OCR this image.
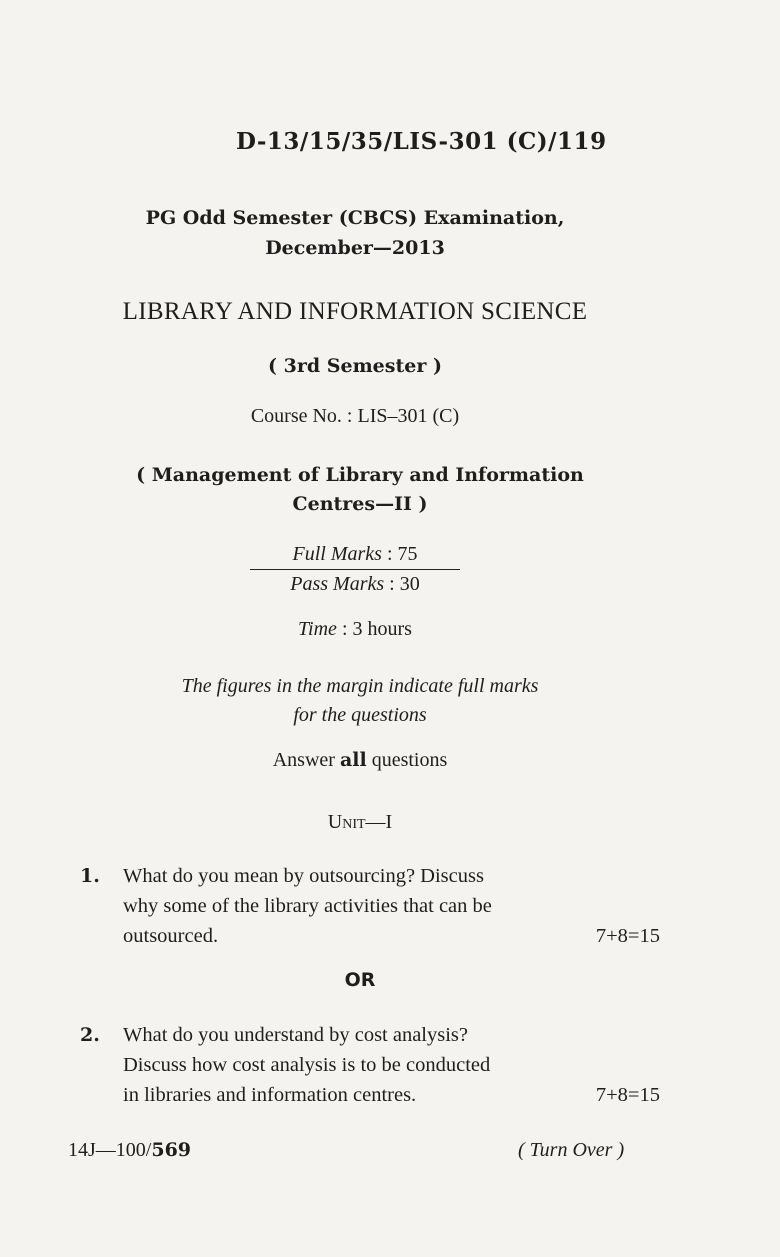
D-13/15/35/LIS-301 (C)/119
PG Odd Semester (CBCS) Examination,
December—2013
LIBRARY AND INFORMATION SCIENCE
( 3rd Semester )
Course No. : LIS–301 (C)
( Management of Library and Information
Centres—II )
Full Marks : 75
Pass Marks : 30
Time : 3 hours
The figures in the margin indicate full marks
for the questions
Answer all questions
Unit—I
1. What do you mean by outsourcing? Discuss
why some of the library activities that can be
outsourced.	7+8=15
OR
2. What do you understand by cost analysis?
Discuss how cost analysis is to be conducted
in libraries and information centres.	7+8=15
14J—100/569	( Turn Over )
